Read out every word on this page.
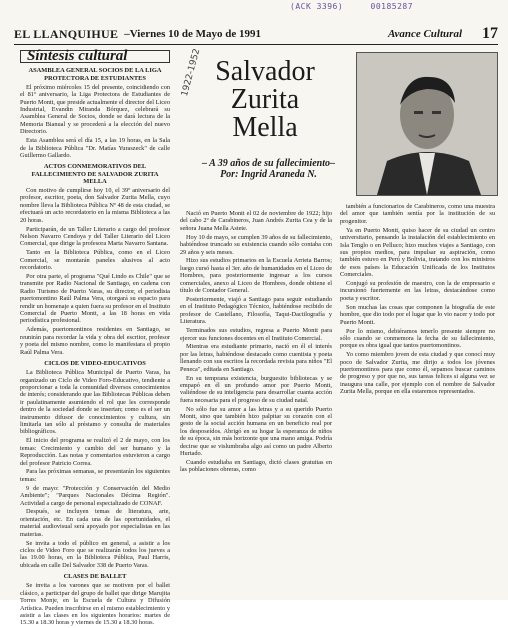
(ACK 3396)	00185287
EL LLANQUIHUE –Viernes 10 de Mayo de 1991	Avance Cultural 17
Síntesis cultural
ASAMBLEA GENERAL SOCIOS DE LA LIGA PROTECTORA DE ESTUDIANTES

El próximo miércoles 15 del presente, coincidiendo con el 81º aniversario, la Liga Protectora de Estudiantes de Puerto Montt, que preside actualmente el director del Liceo Industrial, Evandin Miranda Bórquez, celebrará su Asamblea General de Socios, donde se dará lectura de la Memoria Bianual y se procederá a la elección del nuevo Directorio.

Esta Asamblea será el día 15, a las 19 horas, en la Sala de la Biblioteca Pública "Dr. Matías Yuraszeck" de calle Guillermo Gallardo.

ACTOS CONMEMORATIVOS DEL FALLECIMIENTO DE SALVADOR ZURITA MELLA

Con motivo de cumplirse hoy 10, el 39º aniversario del profesor, escritor, poeta, don Salvador Zurita Mella, cuyo nombre lleva la Biblioteca Pública Nº 48 de esta ciudad, se efectuará un acto recordatorio en la misma Biblioteca a las 20 horas.

Participarán, de un Taller Literario a cargo del profesor Nelson Navarro Cendoya y del Taller Literario del Liceo Comercial, que dirige la profesora Marta Navarro Santana.

Tanto en la Biblioteca Pública, como en el Liceo Comercial, se montarán paneles alusivos al acto recordatorio.

Por otra parte, el programa "Qué Lindo es Chile" que se transmite por Radio Nacional de Santiago, en cadena con Radio Turismo de Puerto Varas, su director, el periodista puertomontino Raúl Palma Vera, otorgará su espacio para rendir un homenaje a quien fuera su profesor en el Instituto Comercial de Puerto Montt, a las 18 horas en vida periodística profesional.

Además, puertomontinos residentes en Santiago, se reunirán para recordar la vida y obra del escritor, profesor y poeta del mismo nombre, como lo manifestara el propio Raúl Palma Vera.

CICLOS DE VIDEO-EDUCATIVOS

La Biblioteca Pública Municipal de Puerto Varas, ha organizado un Ciclo de Video Foro-Educativo, tendiente a proporcionar a toda la comunidad diversos conocimientos de interés; considerando que las Bibliotecas Públicas deben ir paulatinamente asumiendo el rol que les corresponde dentro de la sociedad donde se insertan; como es el ser un instrumento difusor de conocimientos y cultura, sin limitarla tan sólo al préstamo y consulta de materiales bibliográficos.

El inicio del programa se realizó el 2 de mayo, con los temas: Crecimiento y cambio del ser humano y la Reproducción. Las notas y comentarios estuvieron a cargo del profesor Patricio Correa.

Para las próximas semanas, se presentarán los siguientes temas:

9 de mayo: "Protección y Conservación del Medio Ambiente"; "Parques Nacionales Décima Región". Actividad a cargo de personal especializado de CONAF.

Después, se incluyen temas de literatura, arte, orientación, etc. En cada una de las oportunidades, el material audiovisual será apoyado por especialistas en las materias.

Se invita a todo el público en general, a asistir a los ciclos de Video Foro que se realizarán todos los jueves a las 19.00 horas, en la Biblioteca Pública, Paul Harris, ubicada en calle Del Salvador 338 de Puerto Varas.

CLASES DE BALLET

Se invita a los varones que se motiven por el ballet clásico, a participar del grupo de ballet que dirige Marujita Torres Monje, en la Escuela de Cultura y Difusión Artística. Pueden inscribirse en el mismo establecimiento y asistir a las clases en los siguientes horarios: martes de 15.30 a 18.30 horas y viernes de 15.30 a 18.30 horas.

Salvador
Zurita
Mella
1922-1952
– A 39 años de su fallecimiento–
Por: Ingrid Araneda N.

Nació en Puerto Montt el 02 de noviembre de 1922; hijo del cabo 2º de Carabineros, Juan Andrés Zurita Cea y de la señora Juana Mella Astete.

Hoy 10 de mayo, se cumplen 39 años de su fallecimiento, habiéndose truncado su existencia cuando sólo contaba con 29 años y seis meses.

Hizo sus estudios primarios en la Escuela Arrieta Barros; luego cursó hasta el 3er. año de humanidades en el Liceo de Hombres, para posteriormente ingresar a los cursos comerciales, anexo al Liceo de Hombres, donde obtiene el título de Contador General.

Posteriormente, viajó a Santiago para seguir estudiando en el Instituto Pedagógico Técnico, habiéndose recibido de profesor de Castellano, Filosofía, Taqui-Dactilografía y Literatura.

Terminados sus estudios, regresa a Puerto Montt para ejercer sus funciones docentes en el Instituto Comercial.

Mientras era estudiante primario, nació en él el interés por las letras, habiéndose destacado como cuentista y poeta llenando con sus escritos la recordada revista para niños "El Peneca", editada en Santiago.

En su temprana existencia, burguesito bibliotecas y se empapó en él un profundo amor por Puerto Montt, valiéndose de su inteligencia para desarrollar cuanta acción fuera necesaria para el progreso de su ciudad natal.

No sólo fue su amor a las letras y a su querido Puerto Montt, sino que también hizo palpitar su corazón con el gesto de la social acción humana en un beneficio real por los desposeídos. Abrigó en su hogar la esperanza de niños de su época, sin más horizonte que una mano amiga. Podría decirse que se vislumbraba algo así como un padre Alberto Hurtado.

Cuando estudiaba en Santiago, dictó clases gratuitas en las poblaciones obreras, como

también a funcionarios de Carabineros, como una muestra del amor que también sentía por la institución de su progenitor.

Ya en Puerto Montt, quiso hacer de su ciudad un centro universitario, pensando la instalación del establecimiento en Isla Tenglo o en Pelluco; hizo muchos viajes a Santiago, con sus propios medios, para impulsar su aspiración, como también estuvo en Perú y Bolivia, tratando con los ministros de esos países la Educación Unificada de los Institutos Comerciales.

Conjugó su profesión de maestro, con la de empresario e incursionó fuertemente en las letras, destacándose como poeta y escritor.

Son muchas las cosas que componen la biografía de este hombre, que dio todo por el lugar que lo vio nacer y todo por Puerto Montt.

Por lo mismo, debiéramos tenerlo presente siempre no sólo cuando se conmemora la fecha de su fallecimiento, porque es obra igual que tantos puertomontinos.

Yo como miembro joven de esta ciudad y que conocí muy poco de Salvador Zurita, me dirijo a todos los jóvenes puertomontinos para que como él, sepamos buscar caminos de progreso y por que no, sus tareas felices si alguna vez se inaugura una calle, por ejemplo con el nombre de Salvador Zurita Mella, porque en ella estaremos representados.
